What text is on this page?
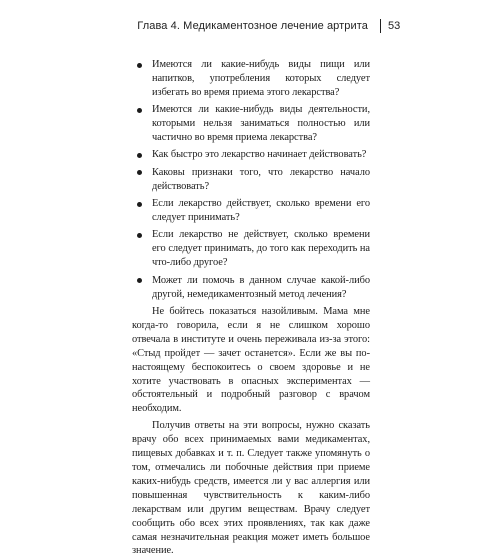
Глава 4. Медикаментозное лечение артрита 53
Имеются ли какие-нибудь виды пищи или напитков, употребления которых следует избегать во время приема этого лекарства?
Имеются ли какие-нибудь виды деятельности, которыми нельзя заниматься полностью или частично во время приема лекарства?
Как быстро это лекарство начинает действовать?
Каковы признаки того, что лекарство начало действовать?
Если лекарство действует, сколько времени его следует принимать?
Если лекарство не действует, сколько времени его следует принимать, до того как переходить на что-либо другое?
Может ли помочь в данном случае какой-либо другой, немедикаментозный метод лечения?

Не бойтесь показаться назойливым. Мама мне когда-то говорила, если я не слишком хорошо отвечала в институте и очень переживала из-за этого: «Стыд пройдет — зачет останется». Если же вы по-настоящему беспокоитесь о своем здоровье и не хотите участвовать в опасных экспериментах — обстоятельный и подробный разговор с врачом необходим.

Получив ответы на эти вопросы, нужно сказать врачу обо всех принимаемых вами медикаментах, пищевых добавках и т. п. Следует также упомянуть о том, отмечались ли побочные действия при приеме каких-нибудь средств, имеется ли у вас аллергия или повышенная чувствительность к каким-либо лекарствам или другим веществам. Врачу следует сообщить обо всех этих проявлениях, так как даже самая незначительная реакция может иметь большое значение.
